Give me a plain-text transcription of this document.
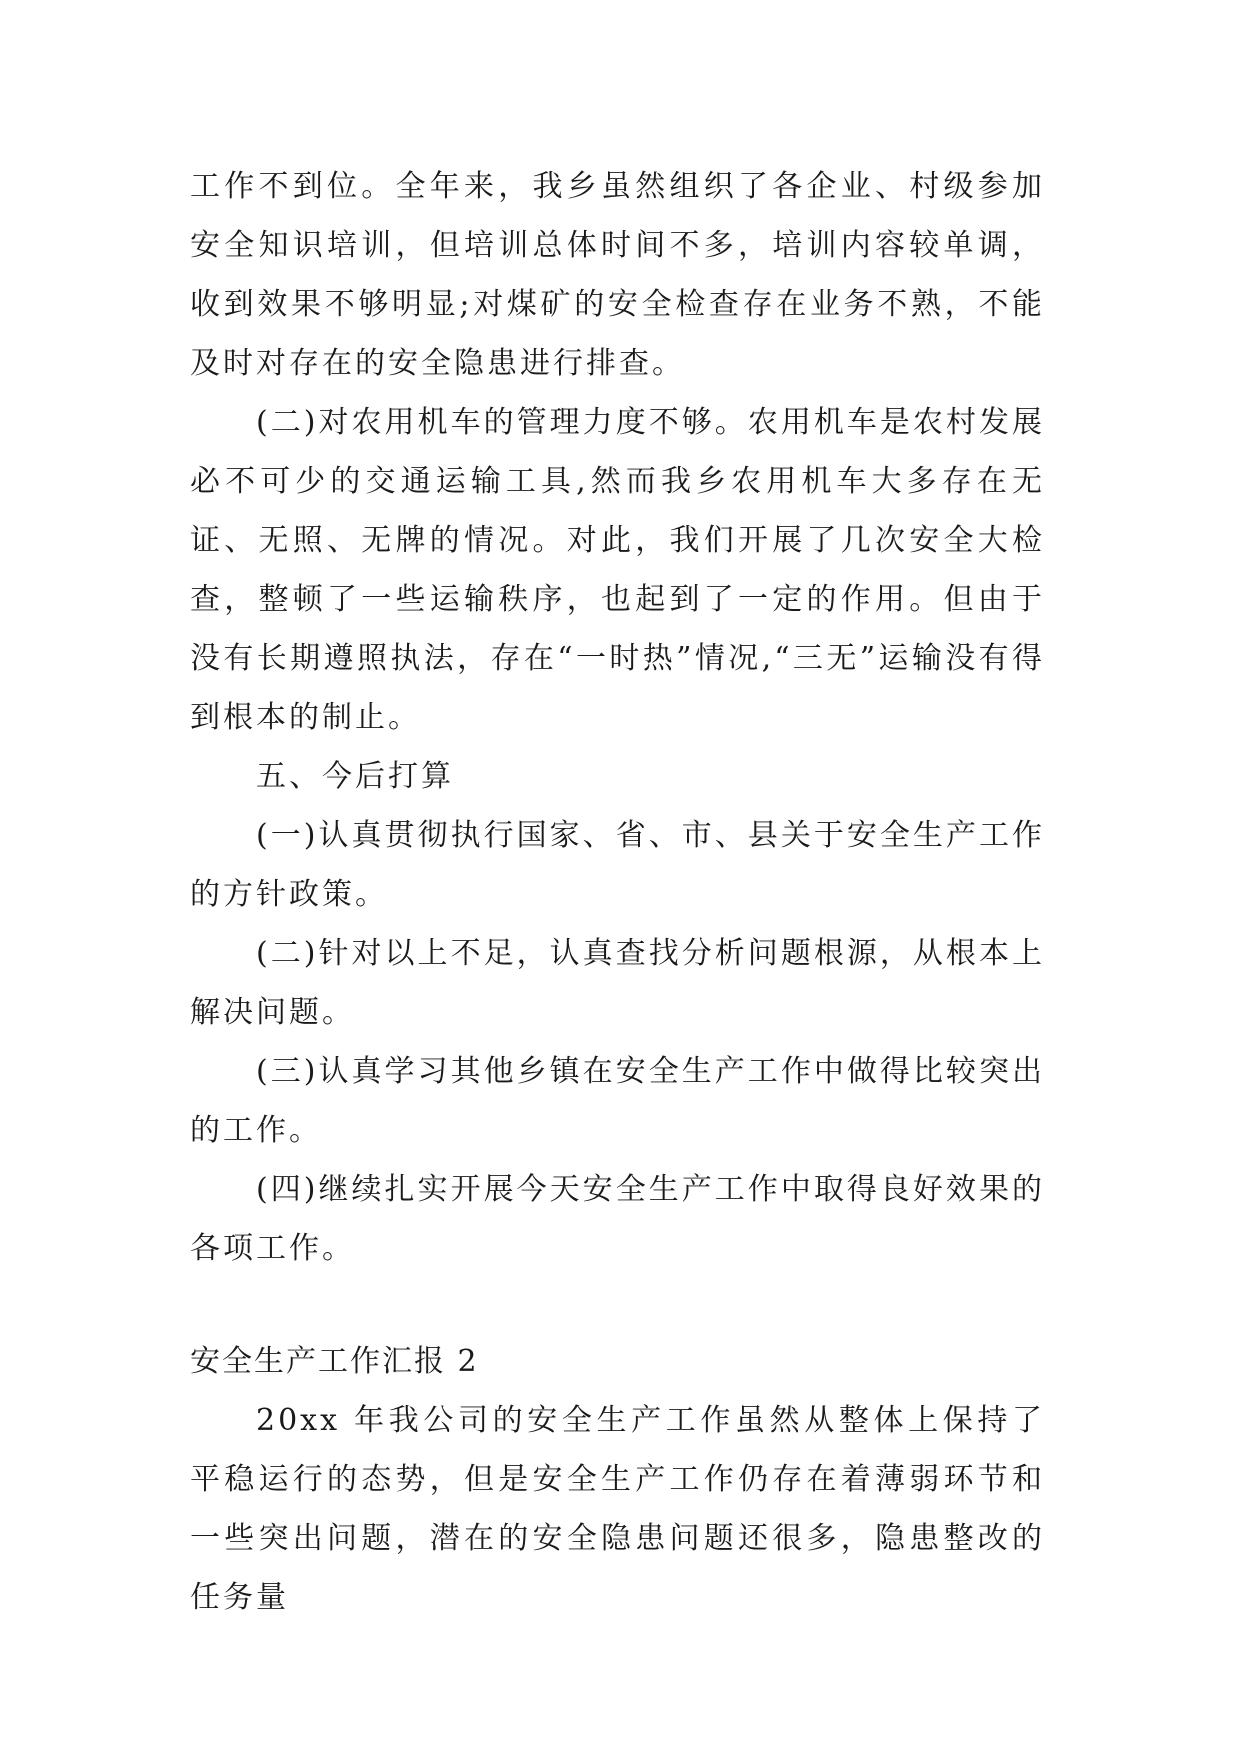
工作不到位。全年来，我乡虽然组织了各企业、村级参加安全知识培训，但培训总体时间不多，培训内容较单调，收到效果不够明显;对煤矿的安全检查存在业务不熟，不能及时对存在的安全隐患进行排查。

(二)对农用机车的管理力度不够。农用机车是农村发展必不可少的交通运输工具,然而我乡农用机车大多存在无证、无照、无牌的情况。对此，我们开展了几次安全大检查，整顿了一些运输秩序，也起到了一定的作用。但由于没有长期遵照执法，存在“一时热”情况,“三无”运输没有得到根本的制止。

五、今后打算

(一)认真贯彻执行国家、省、市、县关于安全生产工作的方针政策。

(二)针对以上不足，认真查找分析问题根源，从根本上解决问题。

(三)认真学习其他乡镇在安全生产工作中做得比较突出的工作。

(四)继续扎实开展今天安全生产工作中取得良好效果的各项工作。

安全生产工作汇报 2

20xx 年我公司的安全生产工作虽然从整体上保持了平稳运行的态势，但是安全生产工作仍存在着薄弱环节和一些突出问题，潜在的安全隐患问题还很多，隐患整改的任务量
